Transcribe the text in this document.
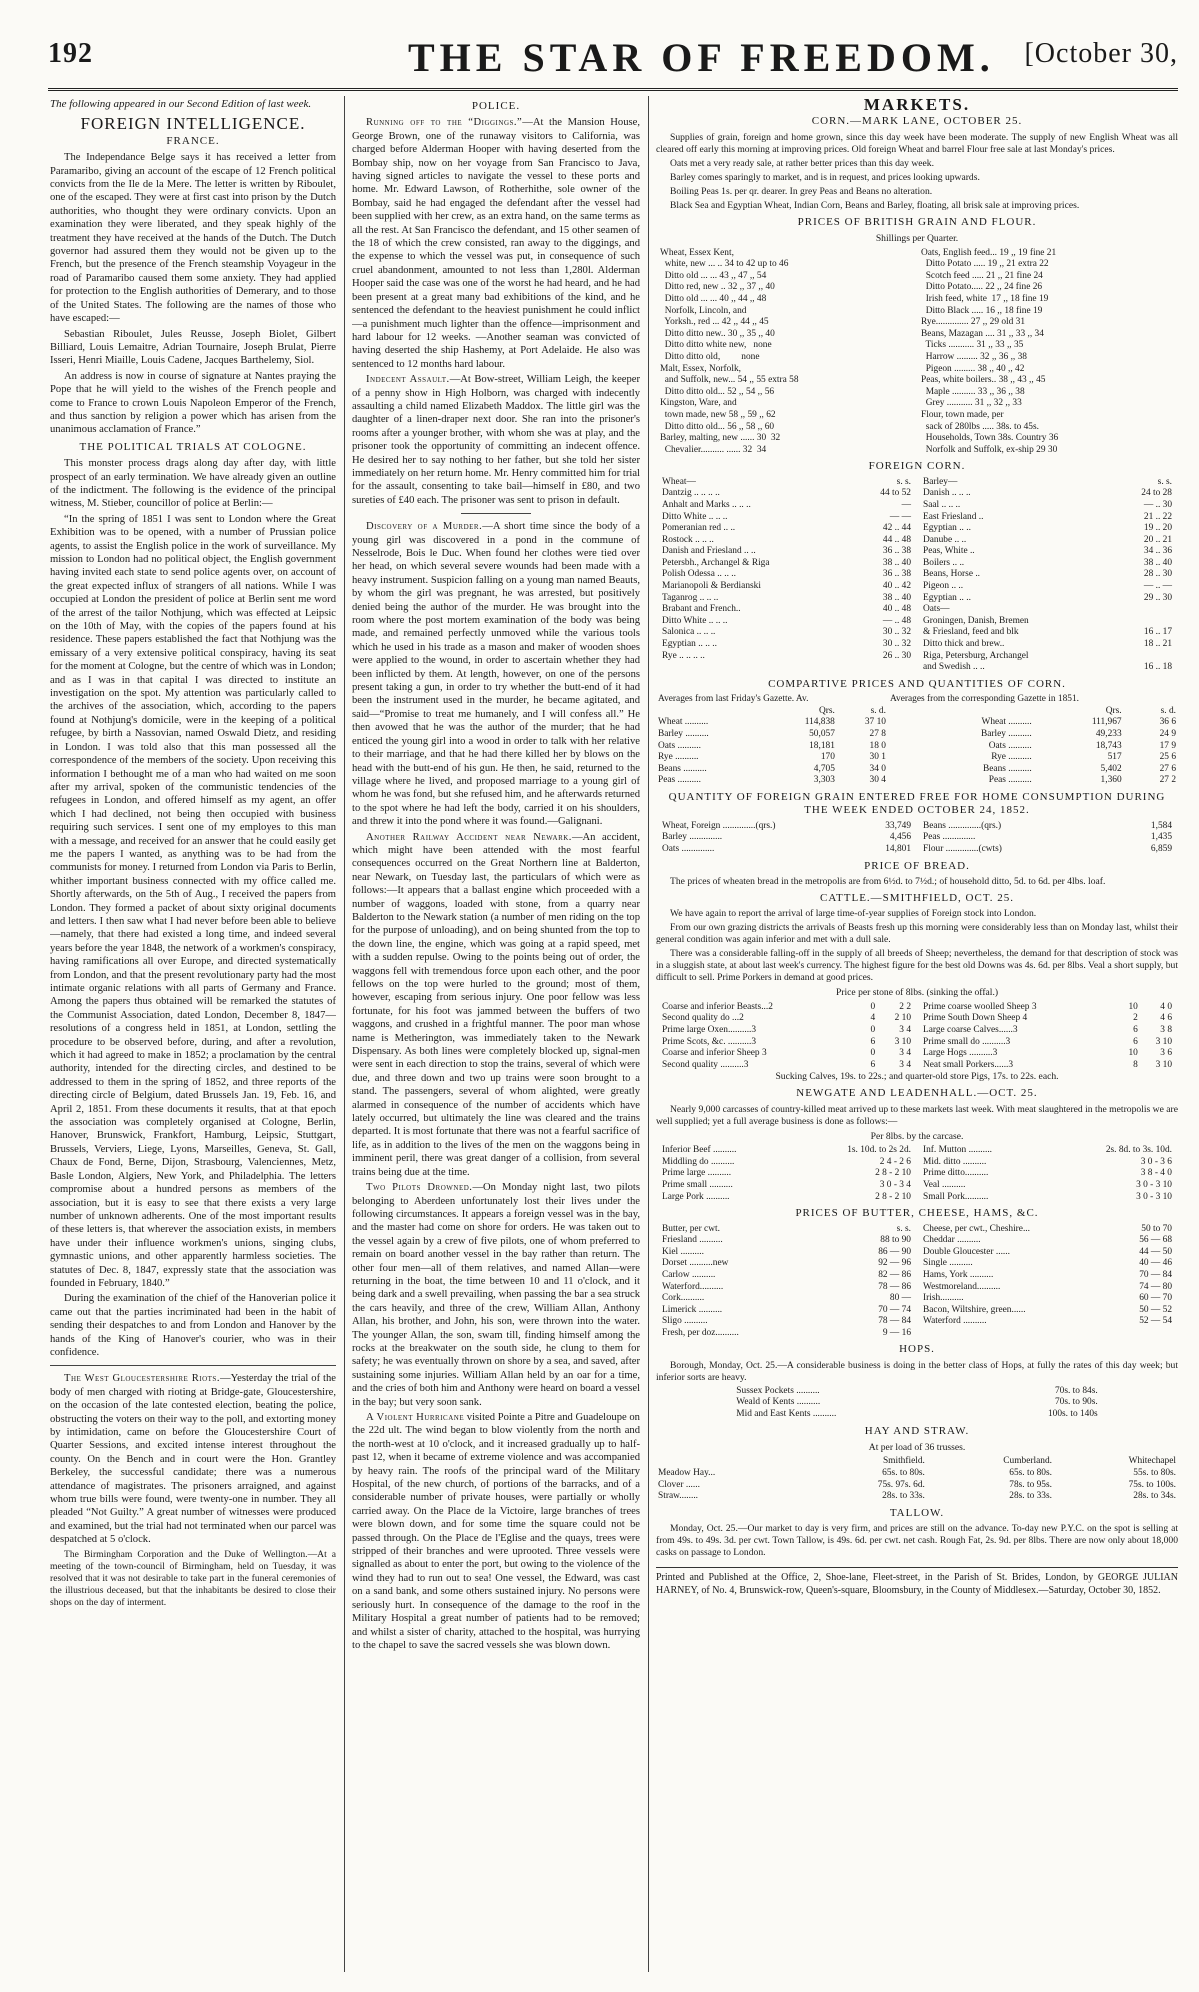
192	THE STAR OF FREEDOM. [October 30,

The following appeared in our Second Edition of last week.

FOREIGN INTELLIGENCE.
FRANCE.

The Independance Belge says it has received a letter from Paramaribo, giving an account of the escape of 12 French political convicts from the Ile de la Mere. The letter is written by Riboulet, one of the escaped. They were at first cast into prison by the Dutch authorities, who thought they were ordinary convicts. Upon an examination they were liberated, and they speak highly of the treatment they have received at the hands of the Dutch. The Dutch governor had assured them they would not be given up to the French, but the presence of the French steamship Voyageur in the road of Paramaribo caused them some anxiety. They had applied for protection to the English authorities of Demerary, and to those of the United States. The following are the names of those who have escaped:—

Sebastian Riboulet, Jules Reusse, Joseph Biolet, Gilbert Billiard, Louis Lemaitre, Adrian Tournaire, Joseph Brulat, Pierre Isseri, Henri Miaille, Louis Cadene, Jacques Barthelemy, Siol.

An address is now in course of signature at Nantes praying the Pope that he will yield to the wishes of the French people and come to France to crown Louis Napoleon Emperor of the French, and thus sanction by religion a power which has arisen from the unanimous acclamation of France.”

THE POLITICAL TRIALS AT COLOGNE.

This monster process drags along day after day, with little prospect of an early termination. We have already given an outline of the indictment. The following is the evidence of the principal witness, M. Stieber, councillor of police at Berlin:—

“In the spring of 1851 I was sent to London where the Great Exhibition was to be opened, with a number of Prussian police agents, to assist the English police in the work of surveillance. My mission to London had no political object, the English government having invited each state to send police agents over, on account of the great expected influx of strangers of all nations. While I was occupied at London the president of police at Berlin sent me word of the arrest of the tailor Nothjung, which was effected at Leipsic on the 10th of May, with the copies of the papers found at his residence. These papers established the fact that Nothjung was the emissary of a very extensive political conspiracy, having its seat for the moment at Cologne, but the centre of which was in London; and as I was in that capital I was directed to institute an investigation on the spot. My attention was particularly called to the archives of the association, which, according to the papers found at Nothjung's domicile, were in the keeping of a political refugee, by birth a Nassovian, named Oswald Dietz, and residing in London. I was told also that this man possessed all the correspondence of the members of the society. Upon receiving this information I bethought me of a man who had waited on me soon after my arrival, spoken of the communistic tendencies of the refugees in London, and offered himself as my agent, an offer which I had declined, not being then occupied with business requiring such services. I sent one of my employes to this man with a message, and received for an answer that he could easily get me the papers I wanted, as anything was to be had from the communists for money. I returned from London via Paris to Berlin, whither important business connected with my office called me. Shortly afterwards, on the 5th of Aug., I received the papers from London. They formed a packet of about sixty original documents and letters. I then saw what I had never before been able to believe—namely, that there had existed a long time, and indeed several years before the year 1848, the network of a workmen's conspiracy, having ramifications all over Europe, and directed systematically from London, and that the present revolutionary party had the most intimate organic relations with all parts of Germany and France. Among the papers thus obtained will be remarked the statutes of the Communist Association, dated London, December 8, 1847—resolutions of a congress held in 1851, at London, settling the procedure to be observed before, during, and after a revolution, which it had agreed to make in 1852; a proclamation by the central authority, intended for the directing circles, and destined to be addressed to them in the spring of 1852, and three reports of the directing circle of Belgium, dated Brussels Jan. 19, Feb. 16, and April 2, 1851. From these documents it results, that at that epoch the association was completely organised at Cologne, Berlin, Hanover, Brunswick, Frankfort, Hamburg, Leipsic, Stuttgart, Brussels, Verviers, Liege, Lyons, Marseilles, Geneva, St. Gall, Chaux de Fond, Berne, Dijon, Strasbourg, Valenciennes, Metz, Basle London, Algiers, New York, and Philadelphia. The letters compromise about a hundred persons as members of the association, but it is easy to see that there exists a very large number of unknown adherents. One of the most important results of these letters is, that wherever the association exists, in members have under their influence workmen's unions, singing clubs, gymnastic unions, and other apparently harmless societies. The statutes of Dec. 8, 1847, expressly state that the association was founded in February, 1840.”

During the examination of the chief of the Hanoverian police it came out that the parties incriminated had been in the habit of sending their despatches to and from London and Hanover by the hands of the King of Hanover's courier, who was in their confidence.

The West Gloucestershire Riots.—Yesterday the trial of the body of men charged with rioting at Bridge-gate, Gloucestershire, on the occasion of the late contested election, beating the police, obstructing the voters on their way to the poll, and extorting money by intimidation, came on before the Gloucestershire Court of Quarter Sessions, and excited intense interest throughout the county. On the Bench and in court were the Hon. Grantley Berkeley, the successful candidate; there was a numerous attendance of magistrates. The prisoners arraigned, and against whom true bills were found, were twenty-one in number. They all pleaded “Not Guilty.” A great number of witnesses were produced and examined, but the trial had not terminated when our parcel was despatched at 5 o'clock.

The Birmingham Corporation and the Duke of Wellington.—At a meeting of the town-council of Birmingham, held on Tuesday, it was resolved that it was not desirable to take part in the funeral ceremonies of the illustrious deceased, but that the inhabitants be desired to close their shops on the day of interment.

POLICE.

Running off to the “Diggings.”—At the Mansion House, George Brown, one of the runaway visitors to California, was charged before Alderman Hooper with having deserted from the Bombay ship, now on her voyage from San Francisco to Java, having signed articles to navigate the vessel to these ports and home. Mr. Edward Lawson, of Rotherhithe, sole owner of the Bombay, said he had engaged the defendant after the vessel had been supplied with her crew, as an extra hand, on the same terms as all the rest. At San Francisco the defendant, and 15 other seamen of the 18 of which the crew consisted, ran away to the diggings, and the expense to which the vessel was put, in consequence of such cruel abandonment, amounted to not less than 1,280l. Alderman Hooper said the case was one of the worst he had heard, and he had been present at a great many bad exhibitions of the kind, and he sentenced the defendant to the heaviest punishment he could inflict—a punishment much lighter than the offence—imprisonment and hard labour for 12 weeks. —Another seaman was convicted of having deserted the ship Hashemy, at Port Adelaide. He also was sentenced to 12 months hard labour.

Indecent Assault.—At Bow-street, William Leigh, the keeper of a penny show in High Holborn, was charged with indecently assaulting a child named Elizabeth Maddox. The little girl was the daughter of a linen-draper next door. She ran into the prisoner's rooms after a younger brother, with whom she was at play, and the prisoner took the opportunity of committing an indecent offence. He desired her to say nothing to her father, but she told her sister immediately on her return home. Mr. Henry committed him for trial for the assault, consenting to take bail—himself in £80, and two sureties of £40 each. The prisoner was sent to prison in default.

Discovery of a Murder.—A short time since the body of a young girl was discovered in a pond in the commune of Nesselrode, Bois le Duc. When found her clothes were tied over her head, on which several severe wounds had been made with a heavy instrument. Suspicion falling on a young man named Beauts, by whom the girl was pregnant, he was arrested, but positively denied being the author of the murder. He was brought into the room where the post mortem examination of the body was being made, and remained perfectly unmoved while the various tools which he used in his trade as a mason and maker of wooden shoes were applied to the wound, in order to ascertain whether they had been inflicted by them. At length, however, on one of the persons present taking a gun, in order to try whether the butt-end of it had been the instrument used in the murder, he became agitated, and said—“Promise to treat me humanely, and I will confess all.” He then avowed that he was the author of the murder; that he had enticed the young girl into a wood in order to talk with her relative to their marriage, and that he had there killed her by blows on the head with the butt-end of his gun. He then, he said, returned to the village where he lived, and proposed marriage to a young girl of whom he was fond, but she refused him, and he afterwards returned to the spot where he had left the body, carried it on his shoulders, and threw it into the pond where it was found.—Galignani.

Another Railway Accident near Newark.—An accident, which might have been attended with the most fearful consequences occurred on the Great Northern line at Balderton, near Newark, on Tuesday last, the particulars of which were as follows:—It appears that a ballast engine which proceeded with a number of waggons, loaded with stone, from a quarry near Balderton to the Newark station (a number of men riding on the top for the purpose of unloading), and on being shunted from the top to the down line, the engine, which was going at a rapid speed, met with a sudden repulse. Owing to the points being out of order, the waggons fell with tremendous force upon each other, and the poor fellows on the top were hurled to the ground; most of them, however, escaping from serious injury. One poor fellow was less fortunate, for his foot was jammed between the buffers of two waggons, and crushed in a frightful manner. The poor man whose name is Metherington, was immediately taken to the Newark Dispensary. As both lines were completely blocked up, signal-men were sent in each direction to stop the trains, several of which were due, and three down and two up trains were soon brought to a stand. The passengers, several of whom alighted, were greatly alarmed in consequence of the number of accidents which have lately occurred, but ultimately the line was cleared and the trains departed. It is most fortunate that there was not a fearful sacrifice of life, as in addition to the lives of the men on the waggons being in imminent peril, there was great danger of a collision, from several trains being due at the time.

Two Pilots Drowned.—On Monday night last, two pilots belonging to Aberdeen unfortunately lost their lives under the following circumstances. It appears a foreign vessel was in the bay, and the master had come on shore for orders. He was taken out to the vessel again by a crew of five pilots, one of whom preferred to remain on board another vessel in the bay rather than return. The other four men—all of them relatives, and named Allan—were returning in the boat, the time between 10 and 11 o'clock, and it being dark and a swell prevailing, when passing the bar a sea struck the cars heavily, and three of the crew, William Allan, Anthony Allan, his brother, and John, his son, were thrown into the water. The younger Allan, the son, swam till, finding himself among the rocks at the breakwater on the south side, he clung to them for safety; he was eventually thrown on shore by a sea, and saved, after sustaining some injuries. William Allan held by an oar for a time, and the cries of both him and Anthony were heard on board a vessel in the bay; but very soon sank.

A Violent Hurricane visited Pointe a Pitre and Guadeloupe on the 22d ult. The wind began to blow violently from the north and the north-west at 10 o'clock, and it increased gradually up to half-past 12, when it became of extreme violence and was accompanied by heavy rain. The roofs of the principal ward of the Military Hospital, of the new church, of portions of the barracks, and of a considerable number of private houses, were partially or wholly carried away. On the Place de la Victoire, large branches of trees were blown down, and for some time the square could not be passed through. On the Place de l'Eglise and the quays, trees were stripped of their branches and were uprooted. Three vessels were signalled as about to enter the port, but owing to the violence of the wind they had to run out to sea! One vessel, the Edward, was cast on a sand bank, and some others sustained injury. No persons were seriously hurt. In consequence of the damage to the roof in the Military Hospital a great number of patients had to be removed; and whilst a sister of charity, attached to the hospital, was hurrying to the chapel to save the sacred vessels she was blown down.

MARKETS.
CORN.—MARK LANE, OCTOBER 25.

Supplies of grain, foreign and home grown, since this day week have been moderate. The supply of new English Wheat was all cleared off early this morning at improving prices. Old foreign Wheat and barrel Flour free sale at last Monday's prices.

Oats met a very ready sale, at rather better prices than this day week.

Barley comes sparingly to market, and is in request, and prices looking upwards.

Boiling Peas 1s. per qr. dearer. In grey Peas and Beans no alteration.

Black Sea and Egyptian Wheat, Indian Corn, Beans and Barley, floating, all brisk sale at improving prices.

PRICES OF BRITISH GRAIN AND FLOUR.
Shillings per Quarter.
Wheat, Essex Kent,
white, new ... .. 34 to 42 up to 46
Ditto old ... ... 43 ,, 47 ,, 54
Ditto red, new .. 32 ,, 37 ,, 40
Ditto old ... ... 40 ,, 44 ,, 48
Norfolk, Lincoln, and
Yorksh., red ... 42 ,, 44 ,, 45
Ditto ditto new.. 30 ,, 35 ,, 40
Ditto ditto white new,   none
Ditto ditto old,         none
Malt, Essex, Norfolk,
and Suffolk, new... 54 ,, 55 extra 58
Ditto ditto old... 52 ,, 54 ,, 56
Kingston, Ware, and
town made, new 58 ,, 59 ,, 62
Ditto ditto old... 56 ,, 58 ,, 60
Barley, malting, new ...... 30  32
Chevalier.......... ...... 32  34

Oats, English feed... 19 ,, 19 fine 21
Ditto Potato ..... 19 ,, 21 extra 22
Scotch feed ..... 21 ,, 21 fine 24
Ditto Potato..... 22 ,, 24 fine 26
Irish feed, white  17 ,, 18 fine 19
Ditto Black ..... 16 ,, 18 fine 19
Rye.............. 27 ,, 29 old 31
Beans, Mazagan .... 31 ,, 33 ,, 34
Ticks ........... 31 ,, 33 ,, 35
Harrow ......... 32 ,, 36 ,, 38
Pigeon ......... 38 ,, 40 ,, 42
Peas, white boilers.. 38 ,, 43 ,, 45
Maple .......... 33 ,, 36 ,, 38
Grey ........... 31 ,, 32 ,, 33
Flour, town made, per
sack of 280lbs ..... 38s. to 45s.
Households, Town 38s. Country 36
Norfolk and Suffolk, ex-ship 29 30
FOREIGN CORN.
Wheat—	s. s.
Dantzig .. .. .. ..	44 to 52
Anhalt and Marks .. .. ..	—
Ditto White .. .. ..	— —
Pomeranian red .. ..	42 .. 44
Rostock .. .. ..	44 .. 48
Danish and Friesland .. ..	36 .. 38
Petersbh., Archangel & Riga	38 .. 40
Polish Odessa .. .. ..	36 .. 38
Marianopoli & Berdianski	40 .. 42
Taganrog .. .. ..	38 .. 40
Brabant and French..	40 .. 48
Ditto White .. .. ..	— .. 48
Salonica .. .. ..	30 .. 32
Egyptian .. .. ..	30 .. 32
Rye .. .. .. ..	26 .. 30

Barley—	s. s.
Danish .. .. ..	24 to 28
Saal .. .. ..	— .. 30
East Friesland ..	21 .. 22
Egyptian .. ..	19 .. 20
Danube .. ..	20 .. 21
Peas, White ..	34 .. 36
Boilers .. ..	38 .. 40
Beans, Horse ..	28 .. 30
Pigeon .. ..	— .. —
Egyptian .. ..	29 .. 30
Oats—	
Groningen, Danish, Bremen	
& Friesland, feed and blk	16 .. 17
Ditto thick and brew..	18 .. 21
Riga, Petersburg, Archangel	
and Swedish .. ..	16 .. 18
COMPARTIVE PRICES AND QUANTITIES OF CORN.
Averages from last Friday's Gazette. Av.			Averages from the corresponding Gazette in 1851.		
	Qrs.	s. d.		Qrs.	s. d.
Wheat ..........	114,838	37 10	Wheat ..........	111,967	36 6
Barley ..........	50,057	27 8	Barley ..........	49,233	24 9
Oats ..........	18,181	18 0	Oats ..........	18,743	17 9
Rye ..........	170	30 1	Rye ..........	517	25 6
Beans ..........	4,705	34 0	Beans ..........	5,402	27 6
Peas ..........	3,303	30 4	Peas ..........	1,360	27 2
QUANTITY OF FOREIGN GRAIN ENTERED FREE FOR HOME CONSUMPTION DURING THE WEEK ENDED OCTOBER 24, 1852.
Wheat, Foreign ..............(qrs.)	33,749
Barley ..............	4,456
Oats ..............	14,801

Beans ..............(qrs.)	1,584
Peas ..............	1,435
Flour ..............(cwts)	6,859
PRICE OF BREAD.

The prices of wheaten bread in the metropolis are from 6½d. to 7½d.; of household ditto, 5d. to 6d. per 4lbs. loaf.

CATTLE.—SMITHFIELD, OCT. 25.

We have again to report the arrival of large time-of-year supplies of Foreign stock into London.

From our own grazing districts the arrivals of Beasts fresh up this morning were considerably less than on Monday last, whilst their general condition was again inferior and met with a dull sale.

There was a considerable falling-off in the supply of all breeds of Sheep; nevertheless, the demand for that description of stock was in a sluggish state, at about last week's currency. The highest figure for the best old Downs was 4s. 6d. per 8lbs. Veal a short supply, but difficult to sell. Prime Porkers in demand at good prices.

Price per stone of 8lbs. (sinking the offal.)
Coarse and inferior Beasts...2	0	2 2
Second quality do ...2	4	2 10
Prime large Oxen..........3	0	3 4
Prime Scots, &c. ..........3	6	3 10
Coarse and inferior Sheep 3	0	3 4
Second quality ..........3	6	3 4

Prime coarse woolled Sheep 3	10	4 0
Prime South Down Sheep 4	2	4 6
Large coarse Calves......3	6	3 8
Prime small do ..........3	6	3 10
Large Hogs ..........3	10	3 6
Neat small Porkers......3	8	3 10

Sucking Calves, 19s. to 22s.; and quarter-old store Pigs, 17s. to 22s. each.

NEWGATE AND LEADENHALL.—OCT. 25.

Nearly 9,000 carcasses of country-killed meat arrived up to these markets last week. With meat slaughtered in the metropolis we are well supplied; yet a full average business is done as follows:—

Per 8lbs. by the carcase.
Inferior Beef ..........	1s. 10d. to 2s 2d.
Middling do ..........	2 4 - 2 6
Prime large ..........	2 8 - 2 10
Prime small ..........	3 0 - 3 4
Large Pork ..........	2 8 - 2 10

Inf. Mutton ..........	2s. 8d. to 3s. 10d.
Mid. ditto ..........	3 0 - 3 6
Prime ditto..........	3 8 - 4 0
Veal ..........	3 0 - 3 10
Small Pork..........	3 0 - 3 10
PRICES OF BUTTER, CHEESE, HAMS, &C.
Butter, per cwt.	s. s.
Friesland ..........	88 to 90
Kiel ..........	86 — 90
Dorset ..........new	92 — 96
Carlow ..........	82 — 86
Waterford..........	78 — 86
Cork..........	80 —
Limerick ..........	70 — 74
Sligo ..........	78 — 84
Fresh, per doz..........	9 — 16

Cheese, per cwt., Cheshire...	50 to 70
Cheddar ..........	56 — 68
Double Gloucester ......	44 — 50
Single ..........	40 — 46
Hams, York ..........	70 — 84
Westmoreland..........	74 — 80
Irish..........	60 — 70
Bacon, Wiltshire, green......	50 — 52
Waterford ..........	52 — 54
HOPS.

Borough, Monday, Oct. 25.—A considerable business is doing in the better class of Hops, at fully the rates of this day week; but inferior sorts are heavy.

Sussex Pockets ..........	70s. to 84s.
Weald of Kents ..........	70s. to 90s.
Mid and East Kents ..........	100s. to 140s
HAY AND STRAW.
At per load of 36 trusses.
	Smithfield.	Cumberland.	Whitechapel
Meadow Hay...	65s. to 80s.	65s. to 80s.	55s. to 80s.
Clover ......	75s. 97s. 6d.	78s. to 95s.	75s. to 100s.
Straw........	28s. to 33s.	28s. to 33s.	28s. to 34s.
TALLOW.

Monday, Oct. 25.—Our market to day is very firm, and prices are still on the advance. To-day new P.Y.C. on the spot is selling at from 49s. to 49s. 3d. per cwt. Town Tallow, is 49s. 6d. per cwt. net cash. Rough Fat, 2s. 9d. per 8lbs. There are now only about 18,000 casks on passage to London.

Printed and Published at the Office, 2, Shoe-lane, Fleet-street, in the Parish of St. Brides, London, by GEORGE JULIAN HARNEY, of No. 4, Brunswick-row, Queen's-square, Bloomsbury, in the County of Middlesex.—Saturday, October 30, 1852.
